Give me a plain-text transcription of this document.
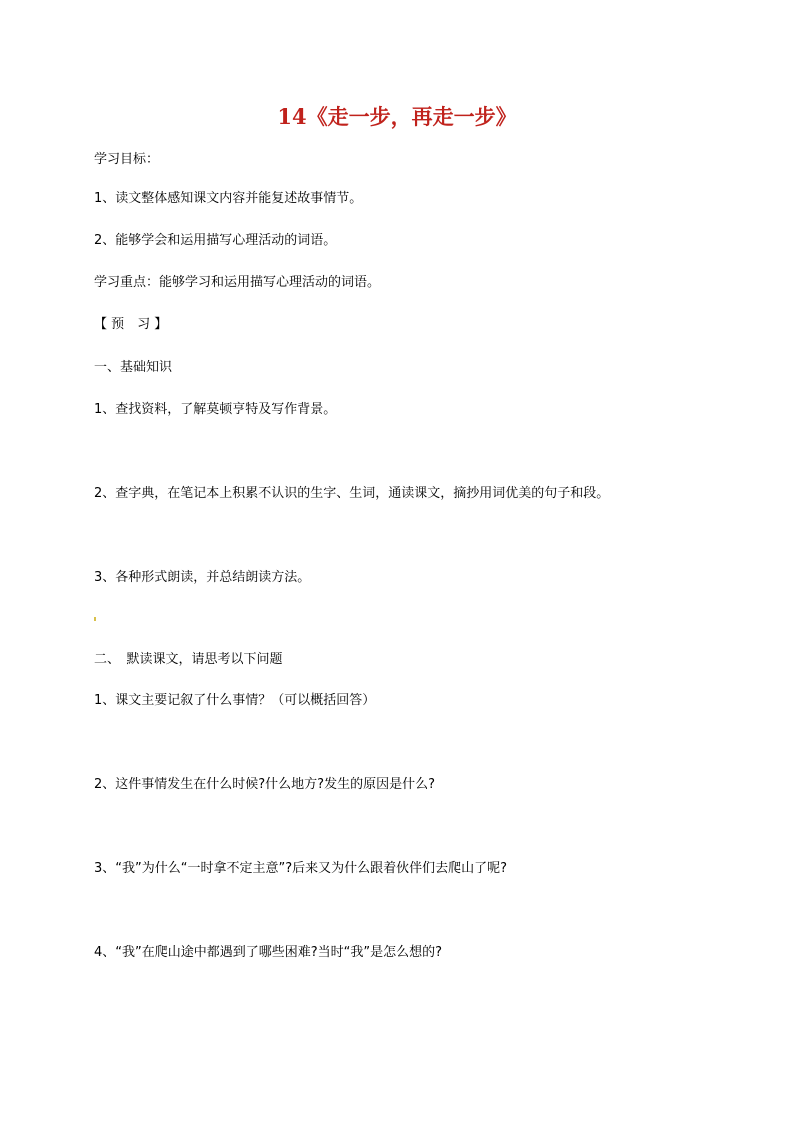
14《走一步，再走一步》
学习目标：
1、读文整体感知课文内容并能复述故事情节。
2、能够学会和运用描写心理活动的词语。
学习重点：能够学习和运用描写心理活动的词语。
【 预　习 】
一、基础知识
1、查找资料，了解莫顿亨特及写作背景。
2、查字典，在笔记本上积累不认识的生字、生词，通读课文，摘抄用词优美的句子和段。
3、各种形式朗读，并总结朗读方法。
二、　默读课文，请思考以下问题
1、课文主要记叙了什么事情？（可以概括回答）
2、这件事情发生在什么时候?什么地方?发生的原因是什么?
3、“我”为什么“一时拿不定主意”?后来又为什么跟着伙伴们去爬山了呢?
4、“我”在爬山途中都遇到了哪些困难?当时“我”是怎么想的?
